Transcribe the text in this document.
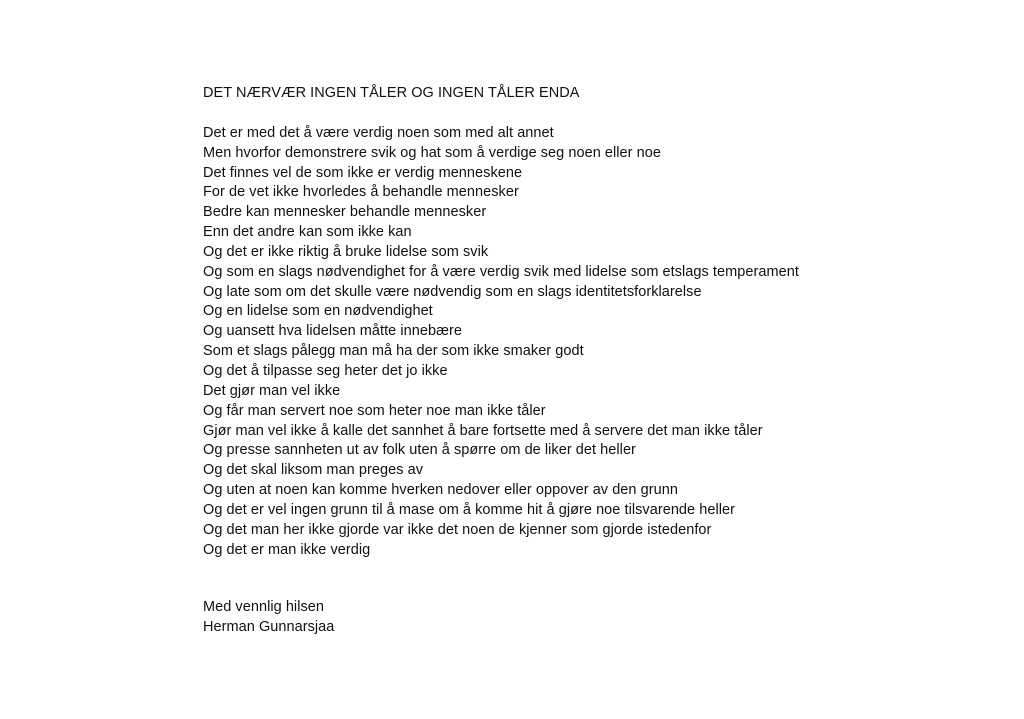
DET NÆRVÆR INGEN TÅLER OG INGEN TÅLER ENDA
Det er med det å være verdig noen som med alt annet
Men hvorfor demonstrere svik og hat som å verdige seg noen eller noe
Det finnes vel de som ikke er verdig menneskene
For de vet ikke hvorledes å behandle mennesker
Bedre kan mennesker behandle mennesker
Enn det andre kan som ikke kan
Og det er ikke riktig å bruke lidelse som svik
Og som en slags nødvendighet for å være verdig svik med lidelse som etslags temperament
Og late som om det skulle være nødvendig som en slags identitetsforklarelse
Og en lidelse som en nødvendighet
Og uansett hva lidelsen måtte innebære
Som et slags pålegg man må ha der som ikke smaker godt
Og det å tilpasse seg heter det jo ikke
Det gjør man vel ikke
Og får man servert noe som heter noe man ikke tåler
Gjør man vel ikke å kalle det sannhet å bare fortsette med å servere det man ikke tåler
Og presse sannheten ut av folk uten å spørre om de liker det heller
Og det skal liksom man preges av
Og uten at noen kan komme hverken nedover eller oppover av den grunn
Og det er vel ingen grunn til å mase om å komme hit å gjøre noe tilsvarende heller
Og det man her ikke gjorde var ikke det noen de kjenner som gjorde istedenfor
Og det er man ikke verdig
Med vennlig hilsen
Herman Gunnarsjaa
